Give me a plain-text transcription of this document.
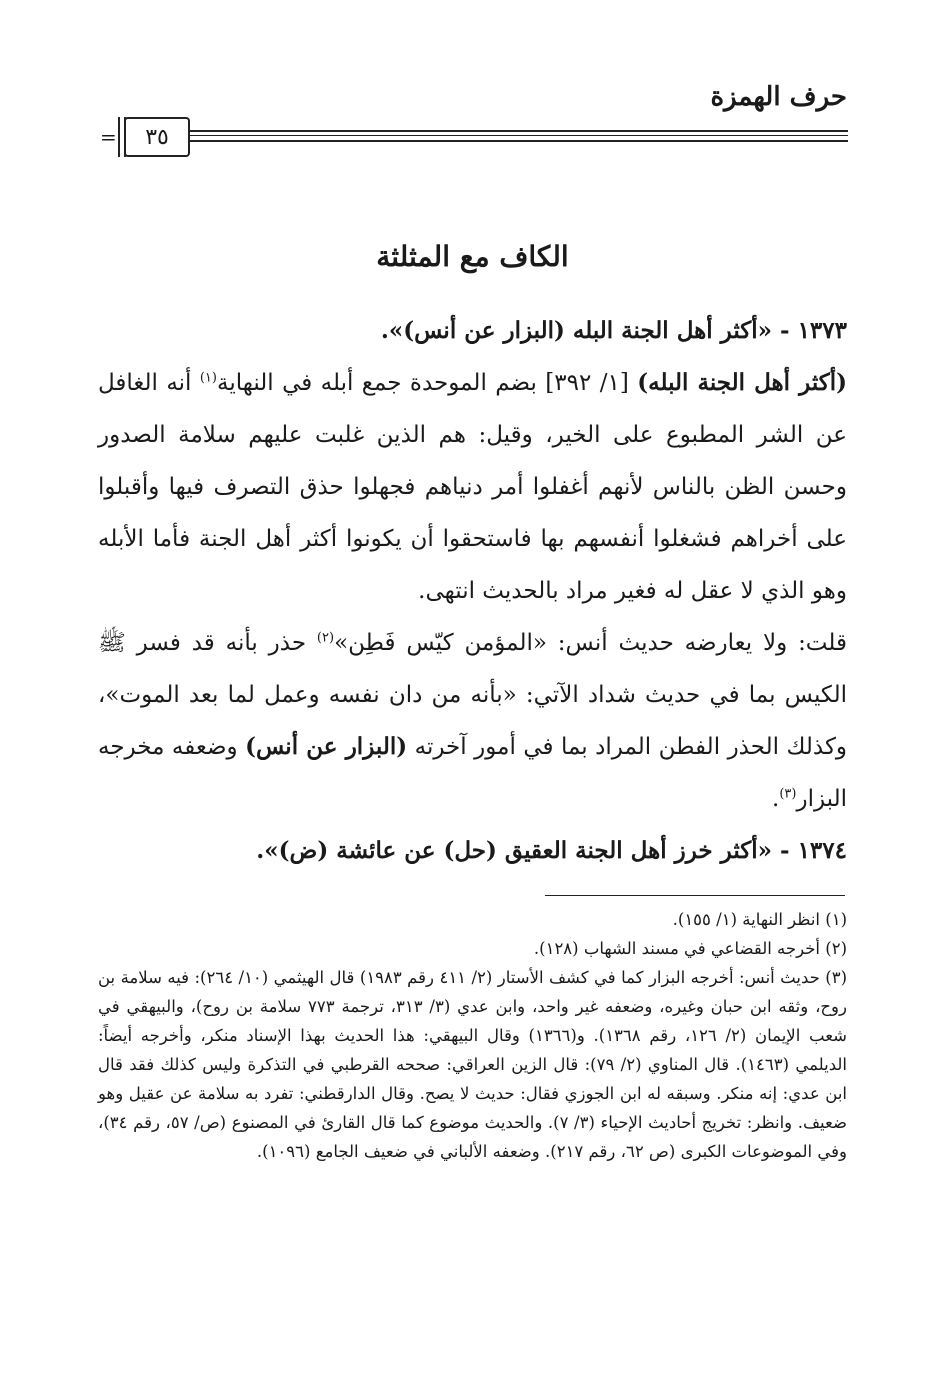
حرف الهمزة
٣٥
=
الكاف مع المثلثة

١٣٧٣ - «أكثر أهل الجنة البله (البزار عن أنس)».

(أكثر أهل الجنة البله) [١/ ٣٩٢] بضم الموحدة جمع أبله في النهاية$^{(١)}$ أنه الغافل عن الشر المطبوع على الخير، وقيل: هم الذين غلبت عليهم سلامة الصدور وحسن الظن بالناس لأنهم أغفلوا أمر دنياهم فجهلوا حذق التصرف فيها وأقبلوا على أخراهم فشغلوا أنفسهم بها فاستحقوا أن يكونوا أكثر أهل الجنة فأما الأبله وهو الذي لا عقل له فغير مراد بالحديث انتهى.

قلت: ولا يعارضه حديث أنس: «المؤمن كيّس فَطِن»$^{(٢)}$ حذر بأنه قد فسر ﷺ الكيس بما في حديث شداد الآتي: «بأنه من دان نفسه وعمل لما بعد الموت»، وكذلك الحذر الفطن المراد بما في أمور آخرته (البزار عن أنس) وضعفه مخرجه البزار$^{(٣)}$.

١٣٧٤ - «أكثر خرز أهل الجنة العقيق (حل) عن عائشة (ض)».

(١) انظر النهاية (١/ ١٥٥).

(٢) أخرجه القضاعي في مسند الشهاب (١٢٨).

(٣) حديث أنس: أخرجه البزار كما في كشف الأستار (٢/ ٤١١ رقم ١٩٨٣) قال الهيثمي (١٠/ ٢٦٤): فيه سلامة بن روح، وثقه ابن حبان وغيره، وضعفه غير واحد، وابن عدي (٣/ ٣١٣، ترجمة ٧٧٣ سلامة بن روح)، والبيهقي في شعب الإيمان (٢/ ١٢٦، رقم ١٣٦٨). و(١٣٦٦) وقال البيهقي: هذا الحديث بهذا الإسناد منكر، وأخرجه أيضاً: الديلمي (١٤٦٣). قال المناوي (٢/ ٧٩): قال الزين العراقي: صححه القرطبي في التذكرة وليس كذلك فقد قال ابن عدي: إنه منكر. وسبقه له ابن الجوزي فقال: حديث لا يصح. وقال الدارقطني: تفرد به سلامة عن عقيل وهو ضعيف. وانظر: تخريج أحاديث الإحياء (٣/ ٧). والحديث موضوع كما قال القارئ في المصنوع (ص/ ٥٧، رقم ٣٤)، وفي الموضوعات الكبرى (ص ٦٢، رقم ٢١٧). وضعفه الألباني في ضعيف الجامع (١٠٩٦).
